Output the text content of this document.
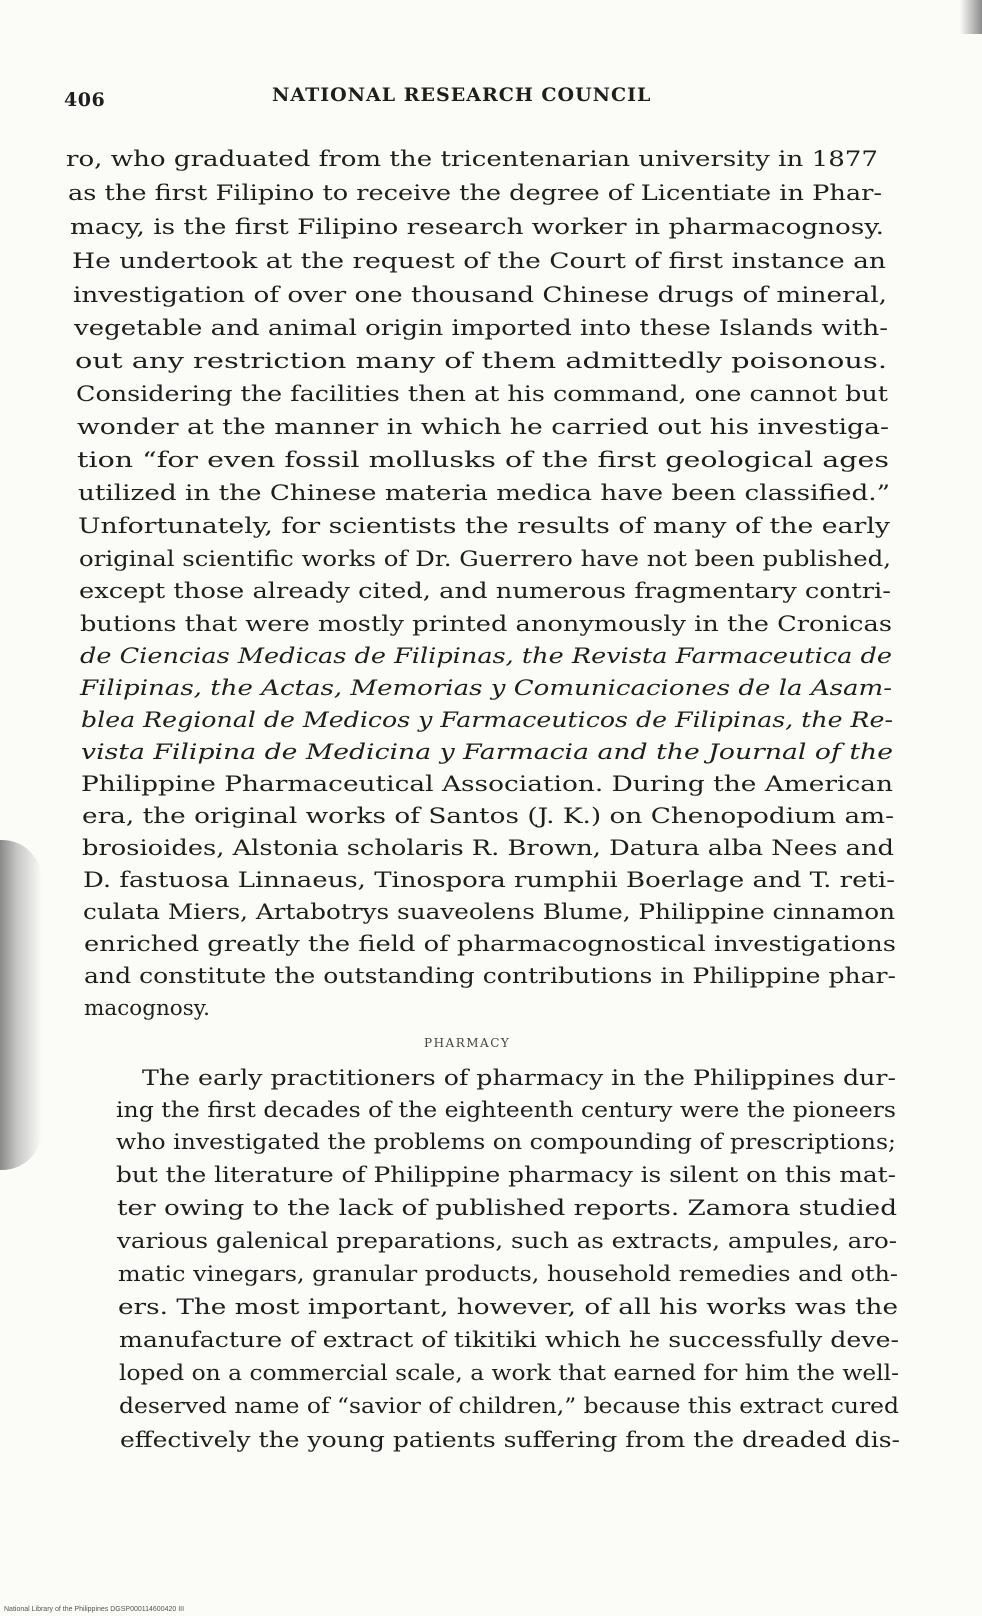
406	NATIONAL RESEARCH COUNCIL
ro, who graduated from the tricentenarian university in 1877
as the first Filipino to receive the degree of Licentiate in Phar-
macy, is the first Filipino research worker in pharmacognosy.
He undertook at the request of the Court of first instance an
investigation of over one thousand Chinese drugs of mineral,
vegetable and animal origin imported into these Islands with-
out any restriction many of them admittedly poisonous.
Considering the facilities then at his command, one cannot but
wonder at the manner in which he carried out his investiga-
tion “for even fossil mollusks of the first geological ages
utilized in the Chinese materia medica have been classified.”
Unfortunately, for scientists the results of many of the early
original scientific works of Dr. Guerrero have not been published,
except those already cited, and numerous fragmentary contri-
butions that were mostly printed anonymously in the Cronicas
de Ciencias Medicas de Filipinas, the Revista Farmaceutica de
Filipinas, the Actas, Memorias y Comunicaciones de la Asam-
blea Regional de Medicos y Farmaceuticos de Filipinas, the Re-
vista Filipina de Medicina y Farmacia and the Journal of the
Philippine Pharmaceutical Association. During the American
era, the original works of Santos (J. K.) on Chenopodium am-
brosioides, Alstonia scholaris R. Brown, Datura alba Nees and
D. fastuosa Linnaeus, Tinospora rumphii Boerlage and T. reti-
culata Miers, Artabotrys suaveolens Blume, Philippine cinnamon
enriched greatly the field of pharmacognostical investigations
and constitute the outstanding contributions in Philippine phar-
macognosy.
PHARMACY
The early practitioners of pharmacy in the Philippines dur-
ing the first decades of the eighteenth century were the pioneers
who investigated the problems on compounding of prescriptions;
but the literature of Philippine pharmacy is silent on this mat-
ter owing to the lack of published reports. Zamora studied
various galenical preparations, such as extracts, ampules, aro-
matic vinegars, granular products, household remedies and oth-
ers. The most important, however, of all his works was the
manufacture of extract of tikitiki which he successfully deve-
loped on a commercial scale, a work that earned for him the well-
deserved name of “savior of children,” because this extract cured
effectively the young patients suffering from the dreaded dis-
National Library of the Philippines DGSP000114600420 III
